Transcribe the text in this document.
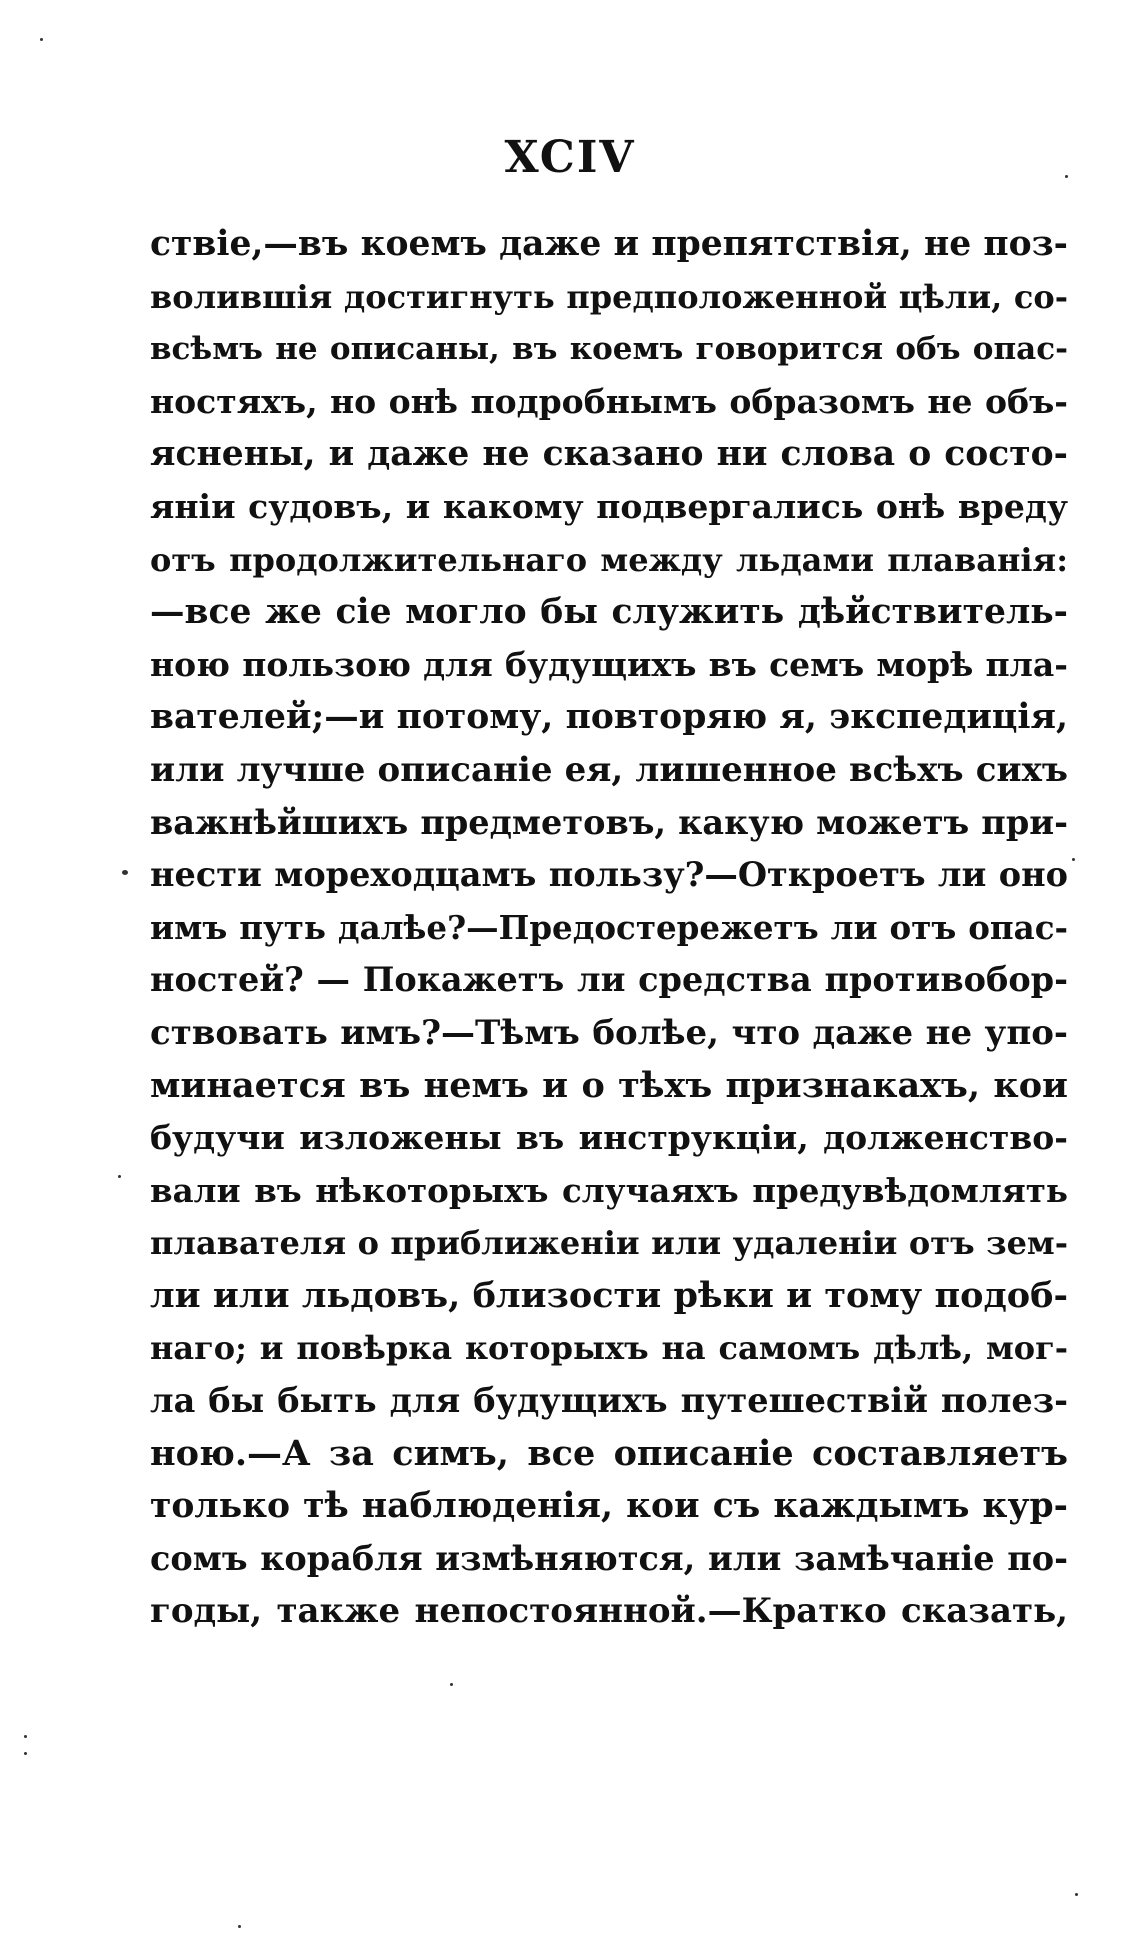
XCIV
ствіе,—въ коемъ даже и препятствія, не поз-
волившія достигнуть предположенной цѣли, со-
всѣмъ не описаны, въ коемъ говорится объ опас-
ностяхъ, но онѣ подробнымъ образомъ не объ-
яснены, и даже не сказано ни слова о состо-
яніи судовъ, и какому подвергались онѣ вреду
отъ продолжительнаго между льдами плаванія:
—все же сіе могло бы служить дѣйствитель-
ною пользою для будущихъ въ семъ морѣ пла-
вателей;—и потому, повторяю я, экспедиція,
или лучше описаніе ея, лишенное всѣхъ сихъ
важнѣйшихъ предметовъ, какую можетъ при-
нести мореходцамъ пользу?—Откроетъ ли оно
имъ путь далѣе?—Предостережетъ ли отъ опас-
ностей? — Покажетъ ли средства противобор-
ствовать имъ?—Тѣмъ болѣе, что даже не упо-
минается въ немъ и о тѣхъ признакахъ, кои
будучи изложены въ инструкціи, долженство-
вали въ нѣкоторыхъ случаяхъ предувѣдомлять
плавателя о приближеніи или удаленіи отъ зем-
ли или льдовъ, близости рѣки и тому подоб-
наго; и повѣрка которыхъ на самомъ дѣлѣ, мог-
ла бы быть для будущихъ путешествій полез-
ною.—А за симъ, все описаніе составляетъ
только тѣ наблюденія, кои съ каждымъ кур-
сомъ корабля измѣняются, или замѣчаніе по-
годы, также непостоянной.—Кратко сказать,
